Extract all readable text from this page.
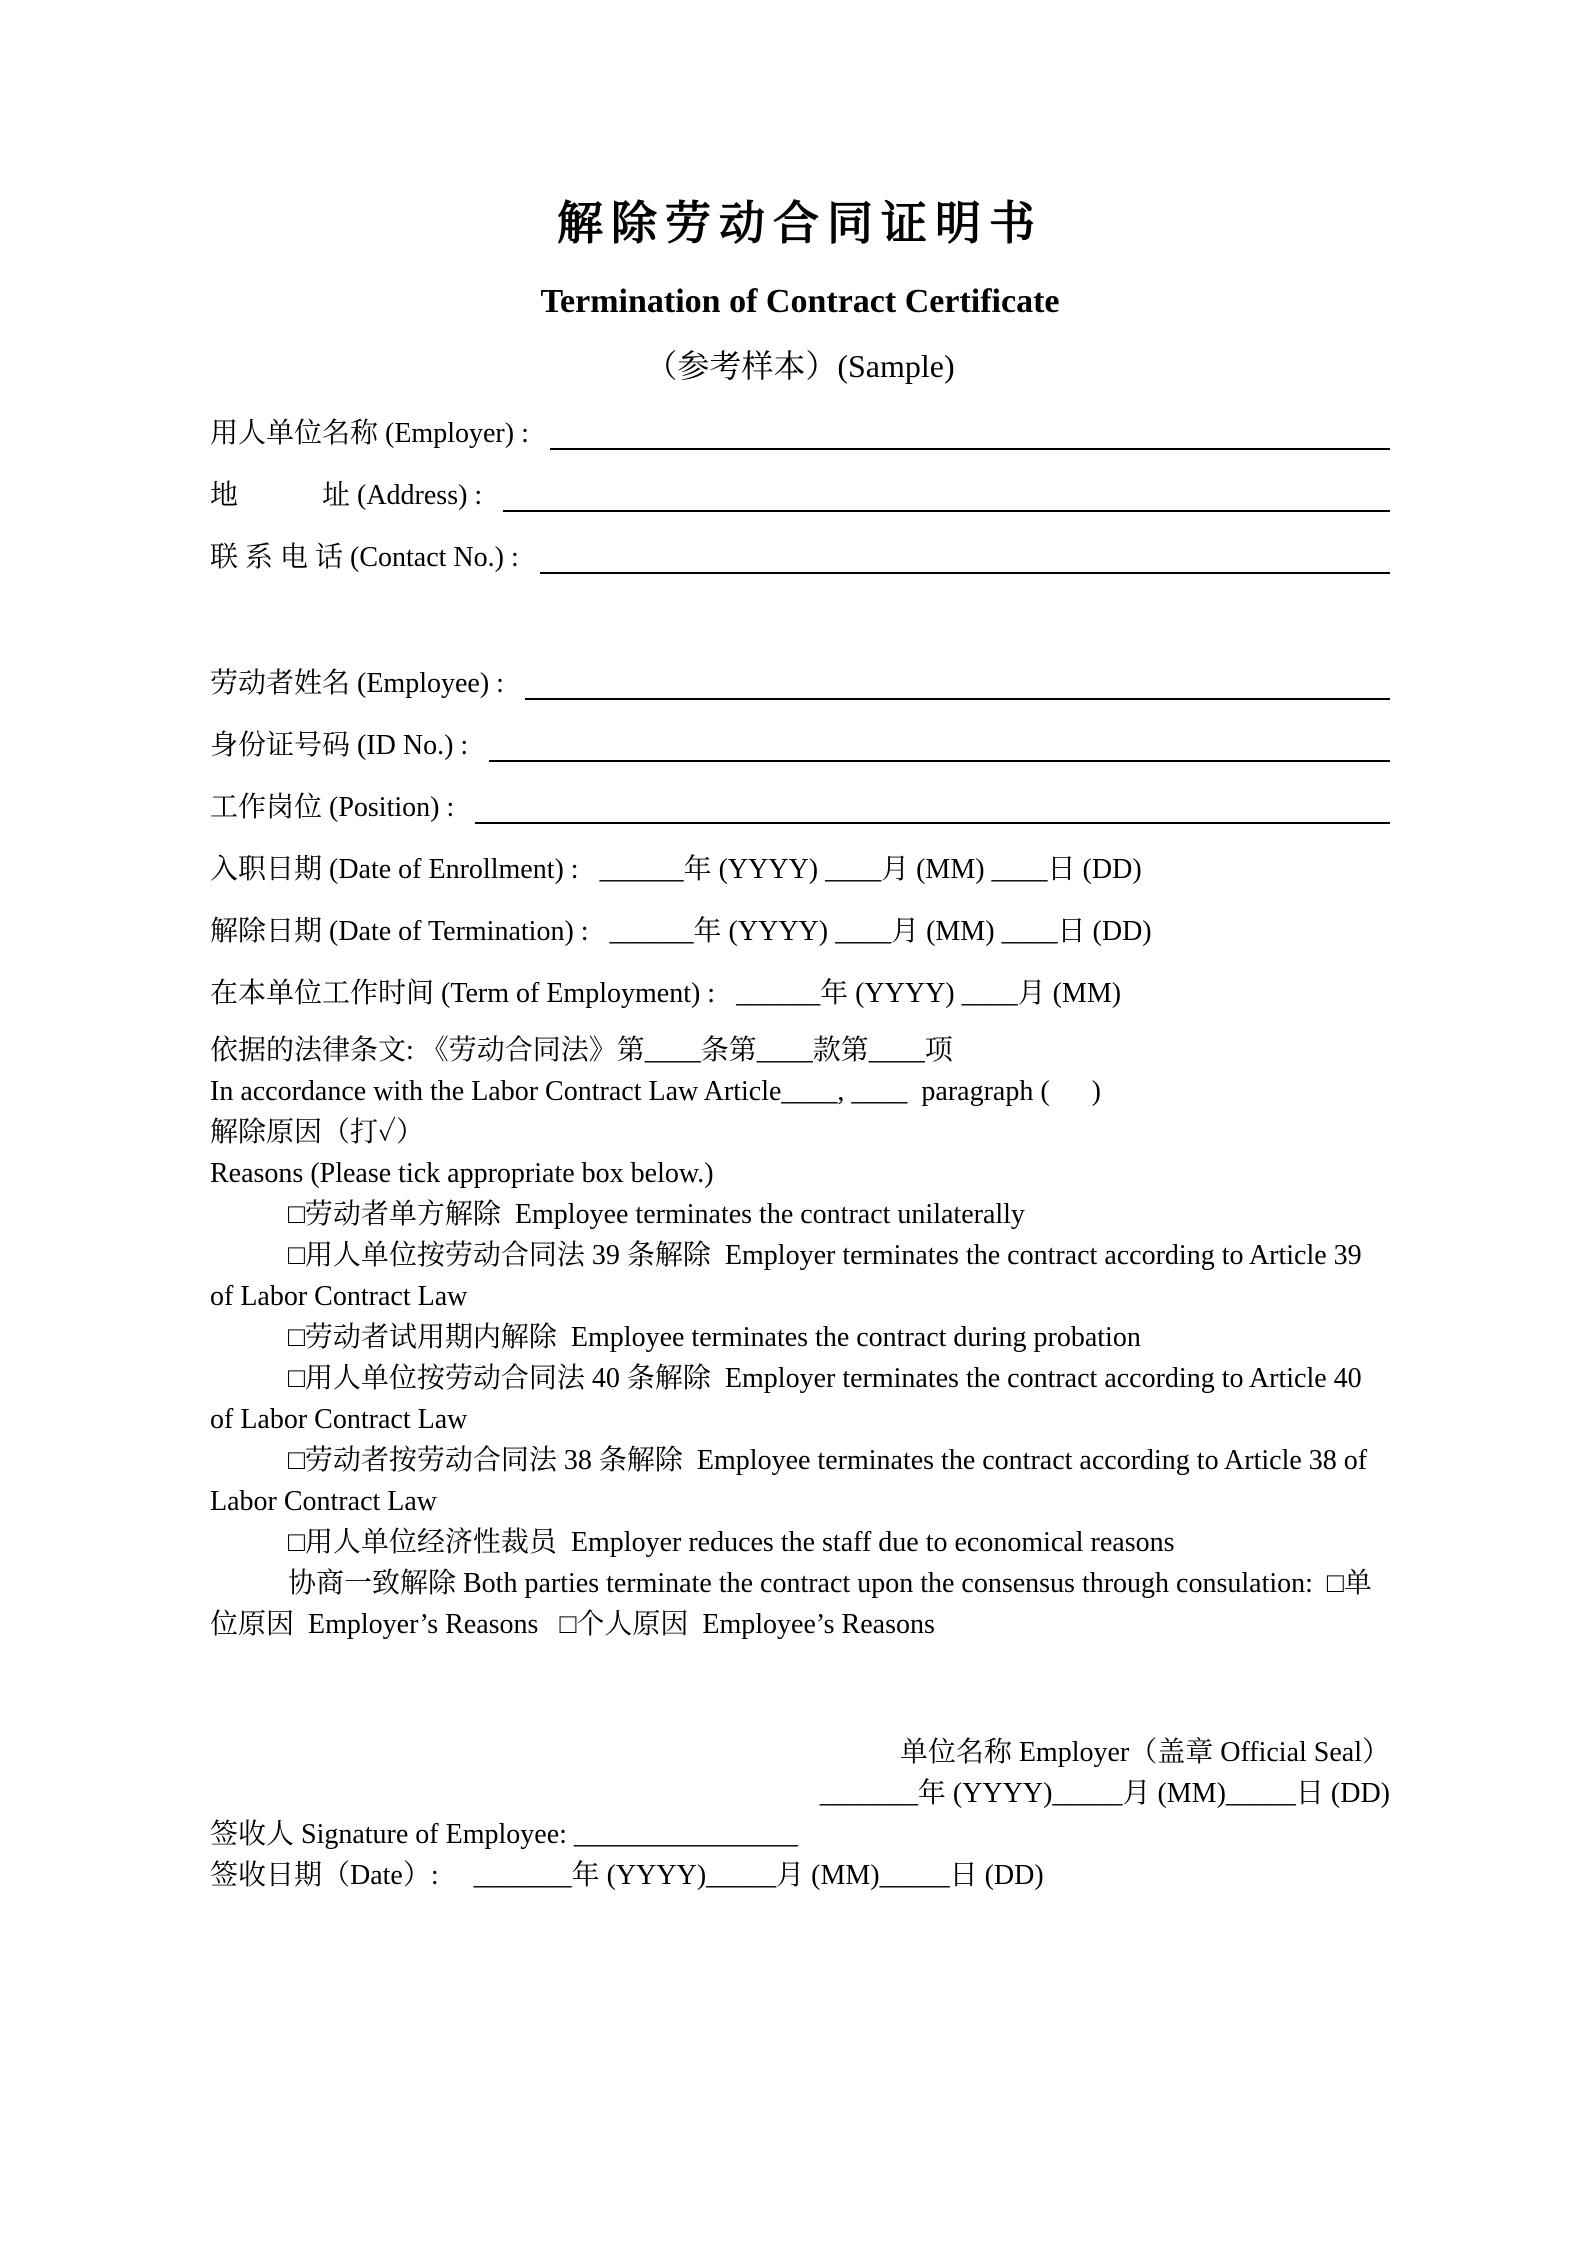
解除劳动合同证明书
Termination of Contract Certificate
（参考样本）(Sample)
用人单位名称 (Employer) :
地　　　址 (Address) :
联 系 电 话 (Contact No.) :
劳动者姓名 (Employee) :
身份证号码 (ID No.) :
工作岗位 (Position) :
入职日期 (Date of Enrollment) :   ______年 (YYYY) ____月 (MM) ____日 (DD)
解除日期 (Date of Termination) :   ______年 (YYYY) ____月 (MM) ____日 (DD)
在本单位工作时间 (Term of Employment) :   ______年 (YYYY) ____月 (MM)

依据的法律条文: 《劳动合同法》第____条第____款第____项

In accordance with the Labor Contract Law Article____, ____  paragraph (      )

解除原因（打✓）

Reasons (Please tick appropriate box below.)

□劳动者单方解除  Employee terminates the contract unilaterally

□用人单位按劳动合同法 39 条解除  Employer terminates the contract according to Article 39 of Labor Contract Law

□劳动者试用期内解除  Employee terminates the contract during probation

□用人单位按劳动合同法 40 条解除  Employer terminates the contract according to Article 40 of Labor Contract Law

□劳动者按劳动合同法 38 条解除  Employee terminates the contract according to Article 38 of Labor Contract Law

□用人单位经济性裁员  Employer reduces the staff due to economical reasons

协商一致解除 Both parties terminate the contract upon the consensus through consulation:  □单位原因  Employer’s Reasons   □个人原因  Employee’s Reasons

单位名称 Employer（盖章 Official Seal）

_______年 (YYYY)_____月 (MM)_____日 (DD)

签收人 Signature of Employee: ________________

签收日期（Date）:     _______年 (YYYY)_____月 (MM)_____日 (DD)
